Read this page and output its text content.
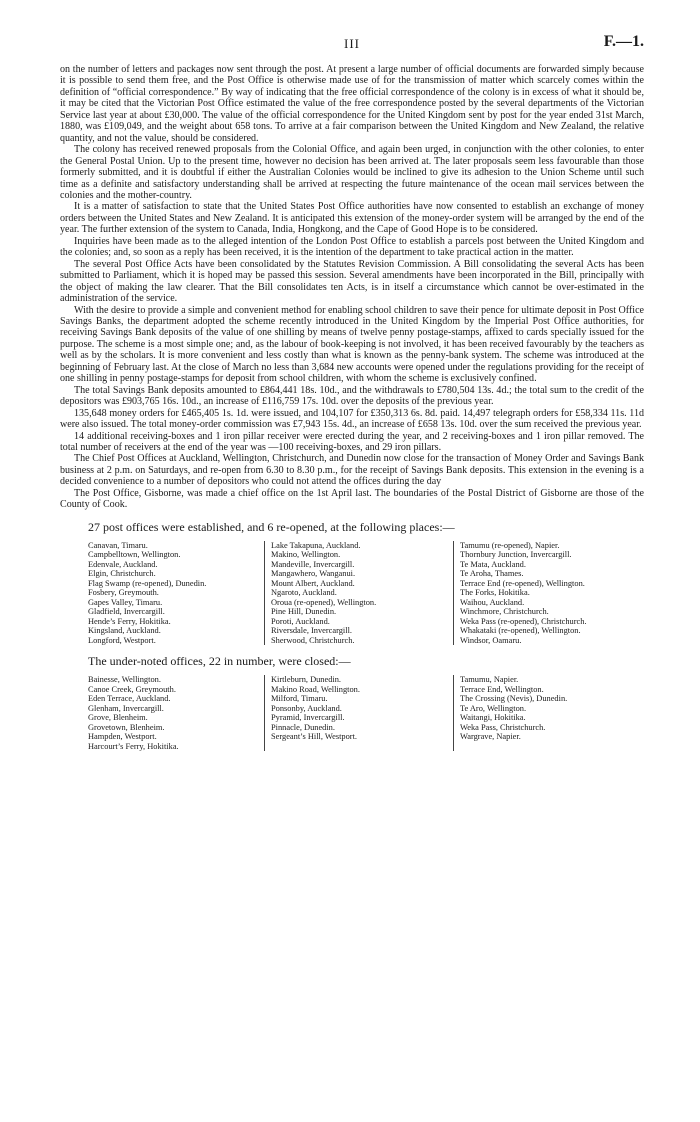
III	F.—1.

on the number of letters and packages now sent through the post. At present a large number of official documents are forwarded simply because it is possible to send them free, and the Post Office is otherwise made use of for the transmission of matter which scarcely comes within the definition of “official correspondence.” By way of indicating that the free official correspondence of the colony is in excess of what it should be, it may be cited that the Victorian Post Office estimated the value of the free correspondence posted by the several departments of the Victorian Service last year at about £30,000. The value of the official correspondence for the United Kingdom sent by post for the year ended 31st March, 1880, was £109,049, and the weight about 658 tons. To arrive at a fair comparison between the United Kingdom and New Zealand, the relative quantity, and not the value, should be considered.

The colony has received renewed proposals from the Colonial Office, and again been urged, in conjunction with the other colonies, to enter the General Postal Union. Up to the present time, however no decision has been arrived at. The later proposals seem less favourable than those formerly submitted, and it is doubtful if either the Australian Colonies would be inclined to give its adhesion to the Union Scheme until such time as a definite and satisfactory understanding shall be arrived at respecting the future maintenance of the ocean mail services between the colonies and the mother-country.

It is a matter of satisfaction to state that the United States Post Office authorities have now consented to establish an exchange of money orders between the United States and New Zealand. It is anticipated this extension of the money-order system will be arranged by the end of the year. The further extension of the system to Canada, India, Hongkong, and the Cape of Good Hope is to be considered.

Inquiries have been made as to the alleged intention of the London Post Office to establish a parcels post between the United Kingdom and the colonies; and, so soon as a reply has been received, it is the intention of the department to take practical action in the matter.

The several Post Office Acts have been consolidated by the Statutes Revision Commission. A Bill consolidating the several Acts has been submitted to Parliament, which it is hoped may be passed this session. Several amendments have been incorporated in the Bill, principally with the object of making the law clearer. That the Bill consolidates ten Acts, is in itself a circumstance which cannot be over-estimated in the administration of the service.

With the desire to provide a simple and convenient method for enabling school children to save their pence for ultimate deposit in Post Office Savings Banks, the department adopted the scheme recently introduced in the United Kingdom by the Imperial Post Office authorities, for receiving Savings Bank deposits of the value of one shilling by means of twelve penny postage-stamps, affixed to cards specially issued for the purpose. The scheme is a most simple one; and, as the labour of book-keeping is not involved, it has been received favourably by the teachers as well as by the scholars. It is more convenient and less costly than what is known as the penny-bank system. The scheme was introduced at the beginning of February last. At the close of March no less than 3,684 new accounts were opened under the regulations providing for the receipt of one shilling in penny postage-stamps for deposit from school children, with whom the scheme is exclusively confined.

The total Savings Bank deposits amounted to £864,441 18s. 10d., and the withdrawals to £780,504 13s. 4d.; the total sum to the credit of the depositors was £903,765 16s. 10d., an increase of £116,759 17s. 10d. over the deposits of the previous year.

135,648 money orders for £465,405 1s. 1d. were issued, and 104,107 for £350,313 6s. 8d. paid. 14,497 telegraph orders for £58,334 11s. 11d were also issued. The total money-order commission was £7,943 15s. 4d., an increase of £658 13s. 10d. over the sum received the previous year.

14 additional receiving-boxes and 1 iron pillar receiver were erected during the year, and 2 receiving-boxes and 1 iron pillar removed. The total number of receivers at the end of the year was —100 receiving-boxes, and 29 iron pillars.

The Chief Post Offices at Auckland, Wellington, Christchurch, and Dunedin now close for the transaction of Money Order and Savings Bank business at 2 p.m. on Saturdays, and re-open from 6.30 to 8.30 p.m., for the receipt of Savings Bank deposits. This extension in the evening is a decided convenience to a number of depositors who could not attend the offices during the day

The Post Office, Gisborne, was made a chief office on the 1st April last. The boundaries of the Postal District of Gisborne are those of the County of Cook.

27 post offices were established, and 6 re-opened, at the following places:—
Canavan, Timaru.
Campbelltown, Wellington.
Edenvale, Auckland.
Elgin, Christchurch.
Flag Swamp (re-opened), Dunedin.
Fosbery, Greymouth.
Gapes Valley, Timaru.
Gladfield, Invercargill.
Hende’s Ferry, Hokitika.
Kingsland, Auckland.
Longford, Westport.
Lake Takapuna, Auckland.
Makino, Wellington.
Mandeville, Invercargill.
Mangawhero, Wanganui.
Mount Albert, Auckland.
Ngaroto, Auckland.
Oroua (re-opened), Wellington.
Pine Hill, Dunedin.
Poroti, Auckland.
Riversdale, Invercargill.
Sherwood, Christchurch.
Tamumu (re-opened), Napier.
Thornbury Junction, Invercargill.
Te Mata, Auckland.
Te Aroha, Thames.
Terrace End (re-opened), Wellington.
The Forks, Hokitika.
Waihou, Auckland.
Winchmore, Christchurch.
Weka Pass (re-opened), Christchurch.
Whakataki (re-opened), Wellington.
Windsor, Oamaru.
The under-noted offices, 22 in number, were closed:—
Bainesse, Wellington.
Canoe Creek, Greymouth.
Eden Terrace, Auckland.
Glenham, Invercargill.
Grove, Blenheim.
Grovetown, Blenheim.
Hampden, Westport.
Harcourt’s Ferry, Hokitika.
Kirtleburn, Dunedin.
Makino Road, Wellington.
Milford, Timaru.
Ponsonby, Auckland.
Pyramid, Invercargill.
Pinnacle, Dunedin.
Sergeant’s Hill, Westport.
Tamumu, Napier.
Terrace End, Wellington.
The Crossing (Nevis), Dunedin.
Te Aro, Wellington.
Waitangi, Hokitika.
Weka Pass, Christchurch.
Wargrave, Napier.
